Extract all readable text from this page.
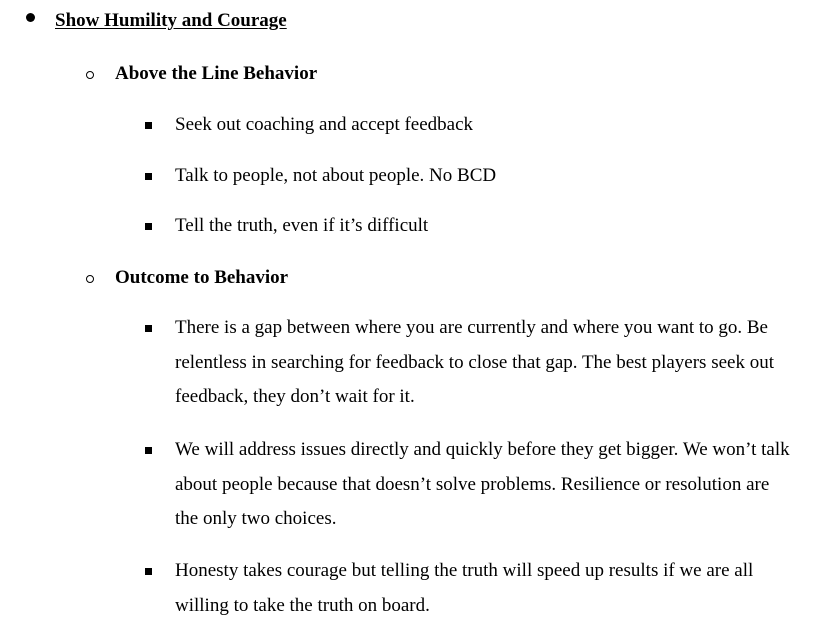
Show Humility and Courage
Above the Line Behavior
Seek out coaching and accept feedback
Talk to people, not about people. No BCD
Tell the truth, even if it’s difficult
Outcome to Behavior
There is a gap between where you are currently and where you want to go. Be relentless in searching for feedback to close that gap. The best players seek out feedback, they don’t wait for it.
We will address issues directly and quickly before they get bigger. We won’t talk about people because that doesn’t solve problems. Resilience or resolution are the only two choices.
Honesty takes courage but telling the truth will speed up results if we are all willing to take the truth on board.
